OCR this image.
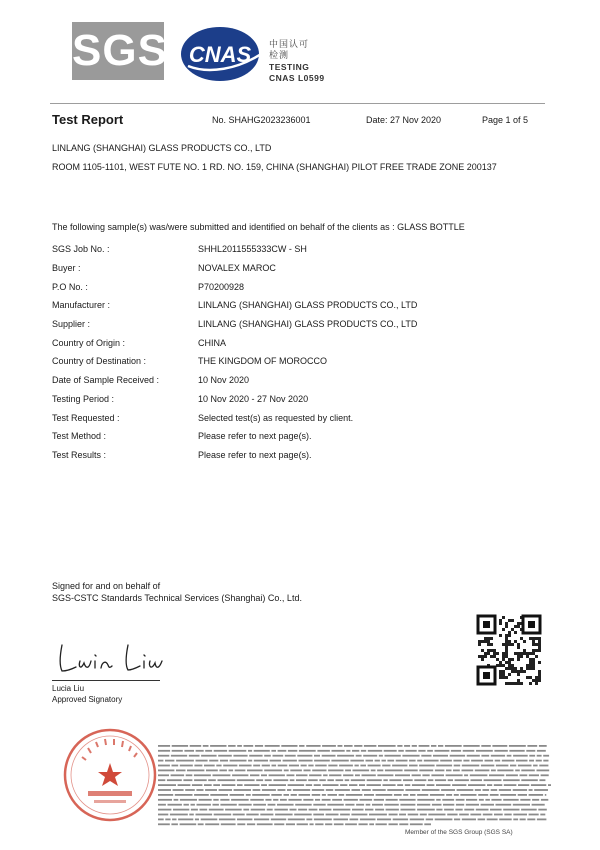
SGS CNAS 中国认可
检测
TESTING
CNAS L0599
Test Report	No. SHAHG2023236001	Date: 27 Nov 2020	Page 1 of 5
LINLANG (SHANGHAI) GLASS PRODUCTS CO., LTD
ROOM 1105-1101, WEST FUTE NO. 1 RD. NO. 159, CHINA (SHANGHAI) PILOT FREE TRADE ZONE 200137
The following sample(s) was/were submitted and identified on behalf of the clients as : GLASS BOTTLE
SGS Job No. :	SHHL2011555333CW - SH
Buyer :	NOVALEX MAROC
P.O No. :	P70200928
Manufacturer :	LINLANG (SHANGHAI) GLASS PRODUCTS CO., LTD
Supplier :	LINLANG (SHANGHAI) GLASS PRODUCTS CO., LTD
Country of Origin :	CHINA
Country of Destination :	THE KINGDOM OF MOROCCO
Date of Sample Received :	10 Nov 2020
Testing Period :	10 Nov 2020 - 27 Nov 2020
Test Requested :	Selected test(s) as requested by client.
Test Method :	Please refer to next page(s).
Test Results :	Please refer to next page(s).
Signed for and on behalf of
SGS-CSTC Standards Technical Services (Shanghai) Co., Ltd.
Lucia Liu
Approved Signatory
Member of the SGS Group (SGS SA)
